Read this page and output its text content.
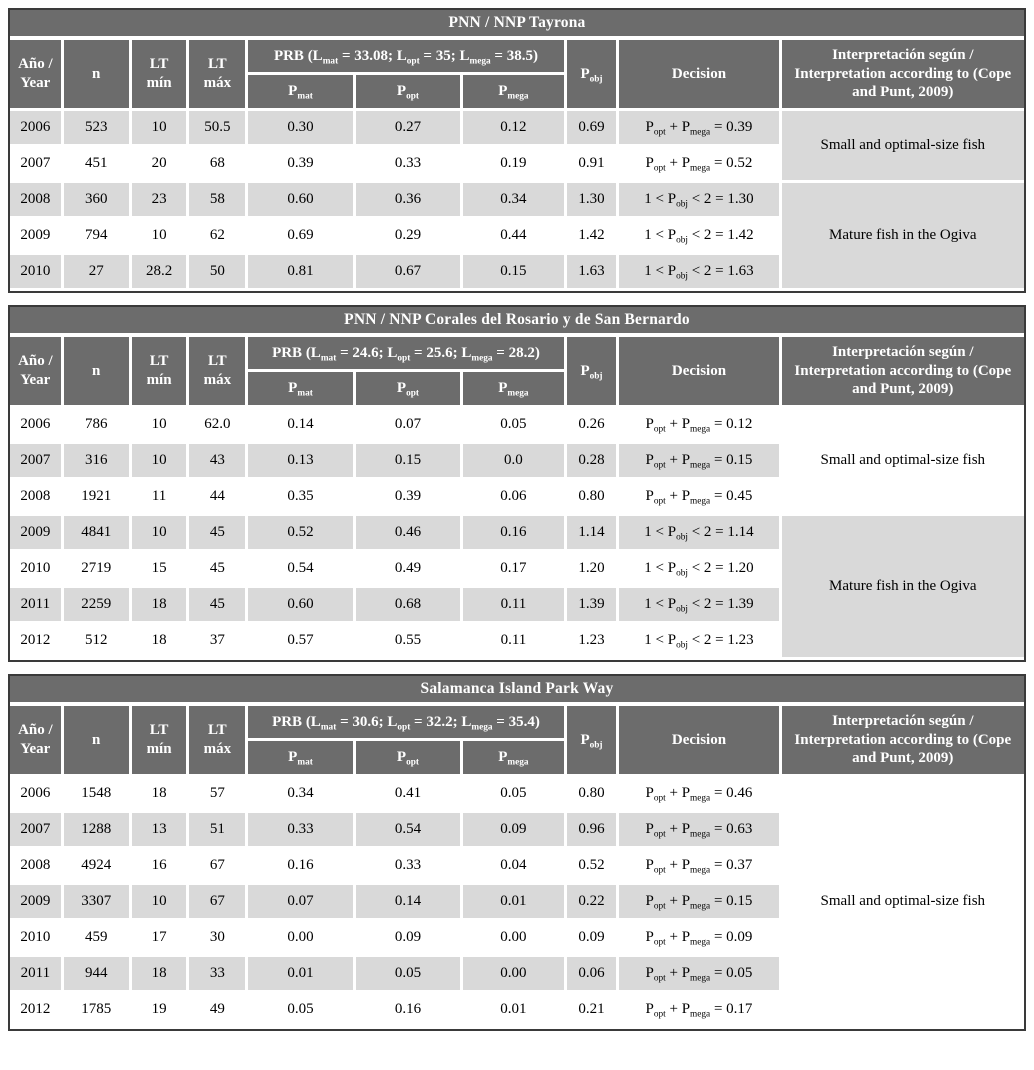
PNN / NNP Tayrona									
Año / Year	n	LT mín	LT máx	PRB ($L_{mat} = 33.08$; $L_{opt} = 35$; $L_{mega} = 38.5$)			$P_{obj}$	Decision	Interpretación según / Interpretation according to (Cope and Punt, 2009)
				$P_{mat}$	$P_{opt}$	$P_{mega}$
2006	523	10	50.5	0.30	0.27	0.12	0.69	$P_{opt} + P_{mega} = 0.39$	Small and optimal-size fish
2007	451	20	68	0.39	0.33	0.19	0.91	$P_{opt} + P_{mega} = 0.52$	
2008	360	23	58	0.60	0.36	0.34	1.30	$1 < P_{obj} < 2 = 1.30$	Mature fish in the Ogiva
2009	794	10	62	0.69	0.29	0.44	1.42	$1 < P_{obj} < 2 = 1.42$	
2010	27	28.2	50	0.81	0.67	0.15	1.63	$1 < P_{obj} < 2 = 1.63$	
PNN / NNP Corales del Rosario y de San Bernardo									
Año / Year	n	LT mín	LT máx	PRB ($L_{mat} = 24.6$; $L_{opt} = 25.6$; $L_{mega} = 28.2$)			$P_{obj}$	Decision	Interpretación según / Interpretation according to (Cope and Punt, 2009)
				$P_{mat}$	$P_{opt}$	$P_{mega}$
2006	786	10	62.0	0.14	0.07	0.05	0.26	$P_{opt} + P_{mega} = 0.12$	Small and optimal-size fish
2007	316	10	43	0.13	0.15	0.0	0.28	$P_{opt} + P_{mega} = 0.15$	
2008	1921	11	44	0.35	0.39	0.06	0.80	$P_{opt} + P_{mega} = 0.45$	
2009	4841	10	45	0.52	0.46	0.16	1.14	$1 < P_{obj} < 2 = 1.14$	Mature fish in the Ogiva
2010	2719	15	45	0.54	0.49	0.17	1.20	$1 < P_{obj} < 2 = 1.20$	
2011	2259	18	45	0.60	0.68	0.11	1.39	$1 < P_{obj} < 2 = 1.39$	
2012	512	18	37	0.57	0.55	0.11	1.23	$1 < P_{obj} < 2 = 1.23$	
Salamanca Island Park Way									
Año / Year	n	LT mín	LT máx	PRB ($L_{mat} = 30.6$; $L_{opt} = 32.2$; $L_{mega} = 35.4$)			$P_{obj}$	Decision	Interpretación según / Interpretation according to (Cope and Punt, 2009)
				$P_{mat}$	$P_{opt}$	$P_{mega}$
2006	1548	18	57	0.34	0.41	0.05	0.80	$P_{opt} + P_{mega} = 0.46$	Small and optimal-size fish
2007	1288	13	51	0.33	0.54	0.09	0.96	$P_{opt} + P_{mega} = 0.63$	
2008	4924	16	67	0.16	0.33	0.04	0.52	$P_{opt} + P_{mega} = 0.37$	
2009	3307	10	67	0.07	0.14	0.01	0.22	$P_{opt} + P_{mega} = 0.15$	
2010	459	17	30	0.00	0.09	0.00	0.09	$P_{opt} + P_{mega} = 0.09$	
2011	944	18	33	0.01	0.05	0.00	0.06	$P_{opt} + P_{mega} = 0.05$	
2012	1785	19	49	0.05	0.16	0.01	0.21	$P_{opt} + P_{mega} = 0.17$	
